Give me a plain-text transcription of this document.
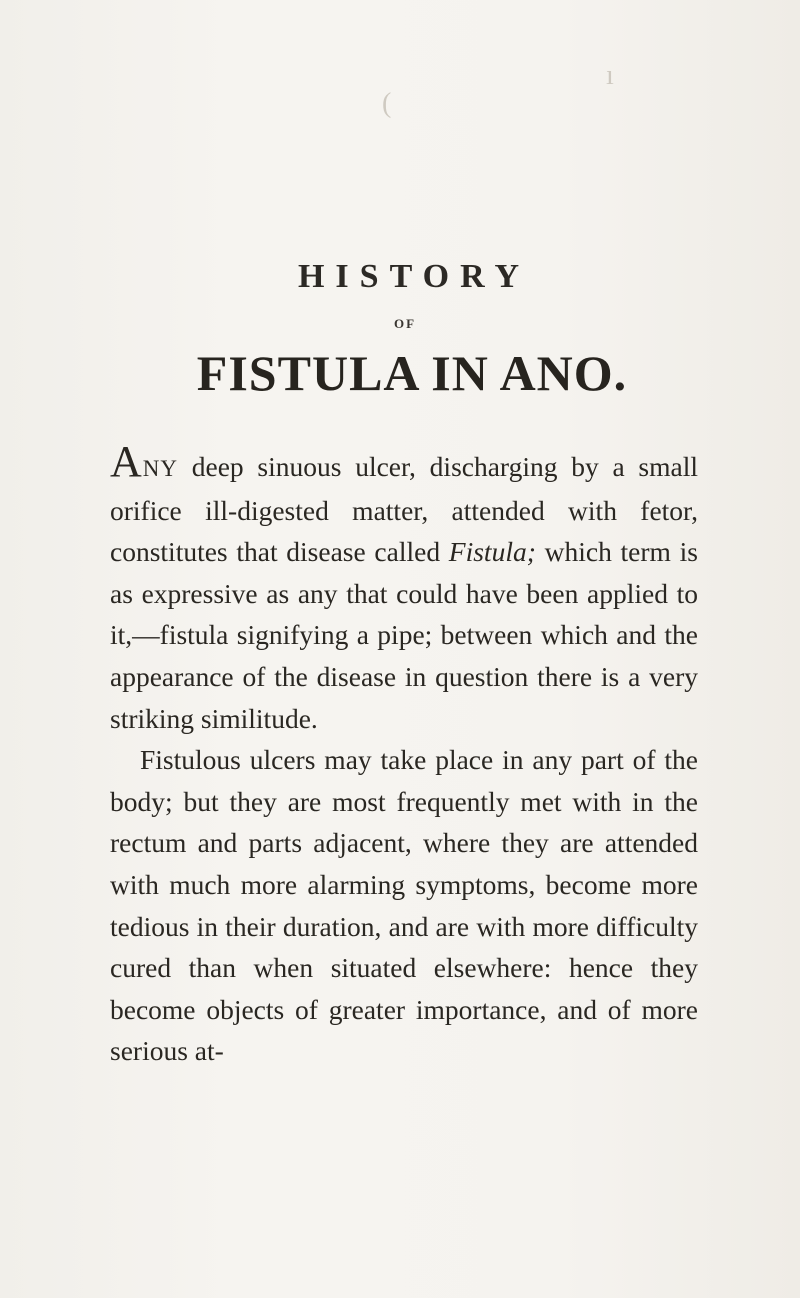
(
ı
HISTORY
OF
FISTULA IN ANO.

ANY deep sinuous ulcer, discharging by a small orifice ill-digested matter, attended with fetor, constitutes that disease called Fistula; which term is as expressive as any that could have been applied to it,—fistula signifying a pipe; between which and the appearance of the disease in question there is a very striking similitude.

Fistulous ulcers may take place in any part of the body; but they are most frequently met with in the rectum and parts adjacent, where they are attended with much more alarming symptoms, become more tedious in their duration, and are with more difficulty cured than when situated elsewhere: hence they become objects of greater importance, and of more serious at-
